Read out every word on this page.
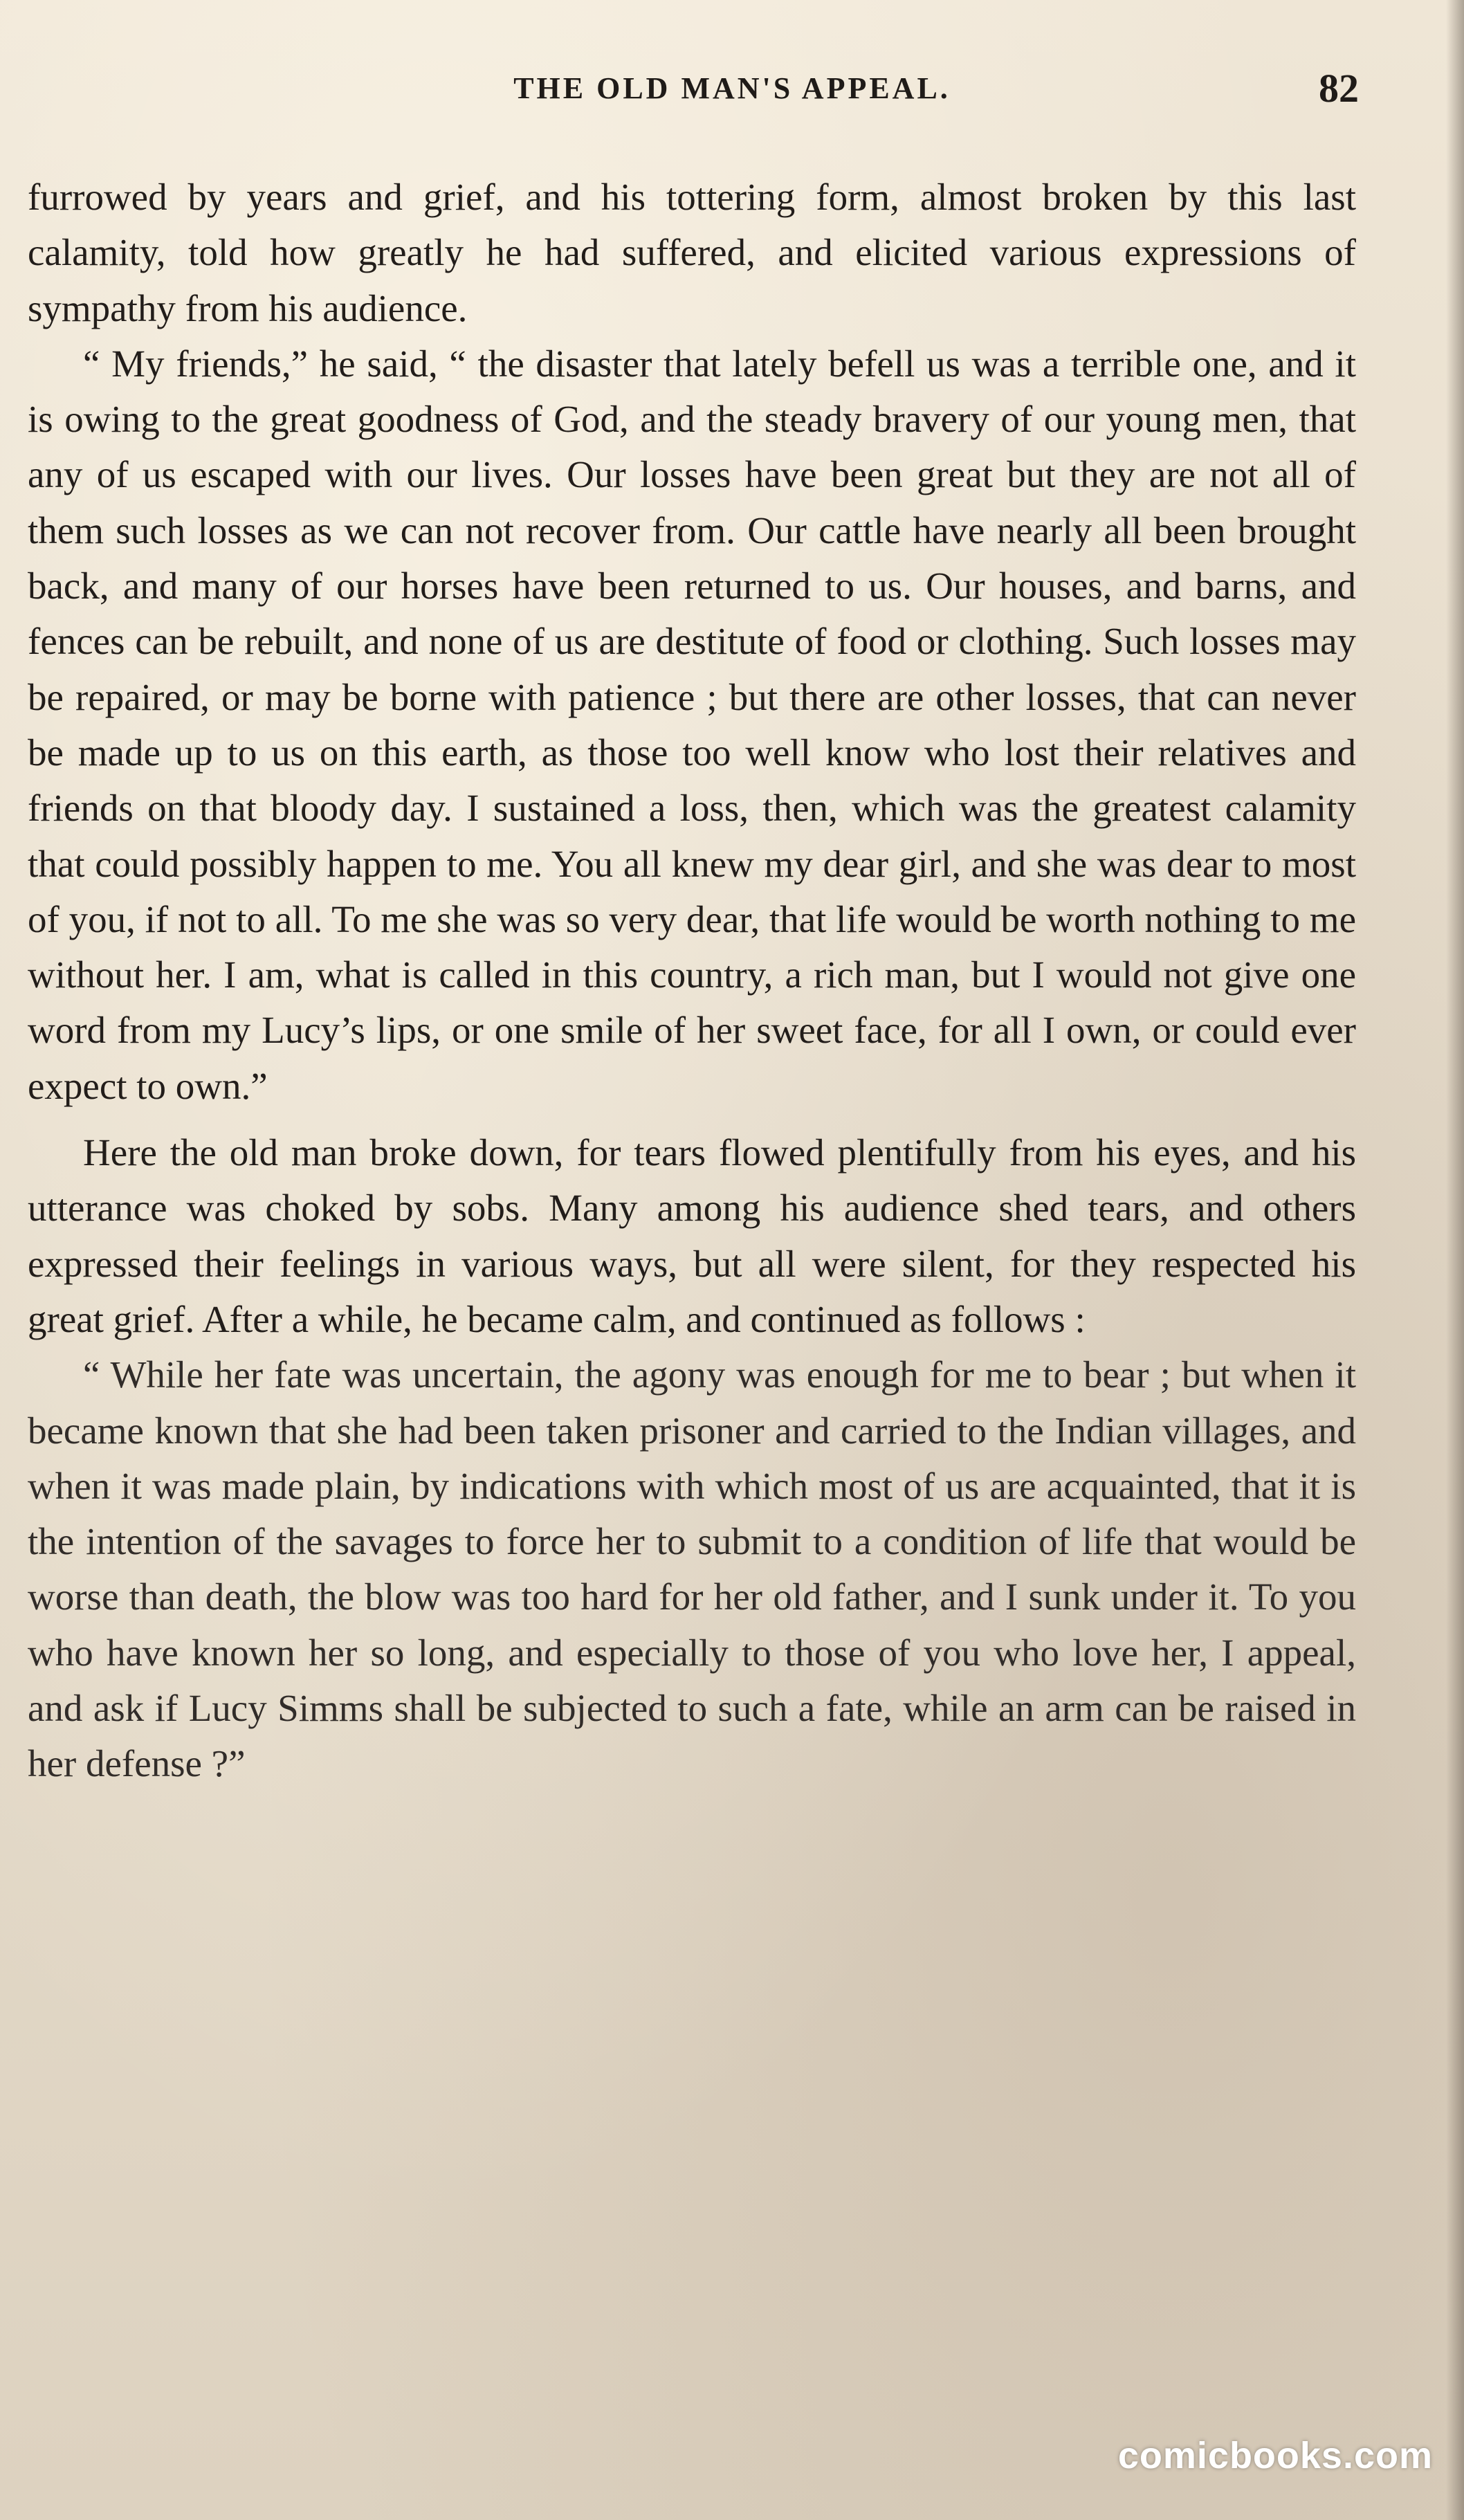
THE OLD MAN'S APPEAL.	82

furrowed by years and grief, and his tottering form, almost broken by this last calamity, told how greatly he had suffered, and elicited various expressions of sympathy from his audience.

“ My friends,” he said, “ the disaster that lately befell us was a terrible one, and it is owing to the great goodness of God, and the steady bravery of our young men, that any of us escaped with our lives. Our losses have been great but they are not all of them such losses as we can not recover from. Our cattle have nearly all been brought back, and many of our horses have been returned to us. Our houses, and barns, and fences can be rebuilt, and none of us are destitute of food or clothing. Such losses may be repaired, or may be borne with patience ; but there are other losses, that can never be made up to us on this earth, as those too well know who lost their relatives and friends on that bloody day. I sustained a loss, then, which was the greatest calamity that could possibly happen to me. You all knew my dear girl, and she was dear to most of you, if not to all. To me she was so very dear, that life would be worth nothing to me without her. I am, what is called in this country, a rich man, but I would not give one word from my Lucy’s lips, or one smile of her sweet face, for all I own, or could ever expect to own.”

Here the old man broke down, for tears flowed plentifully from his eyes, and his utterance was choked by sobs. Many among his audience shed tears, and others expressed their feelings in various ways, but all were silent, for they respected his great grief. After a while, he became calm, and continued as follows :

“ While her fate was uncertain, the agony was enough for me to bear ; but when it became known that she had been taken prisoner and carried to the Indian villages, and when it was made plain, by indications with which most of us are acquainted, that it is the intention of the savages to force her to submit to a condition of life that would be worse than death, the blow was too hard for her old father, and I sunk under it. To you who have known her so long, and especially to those of you who love her, I appeal, and ask if Lucy Simms shall be subjected to such a fate, while an arm can be raised in her defense ?”

comicbooks.com
